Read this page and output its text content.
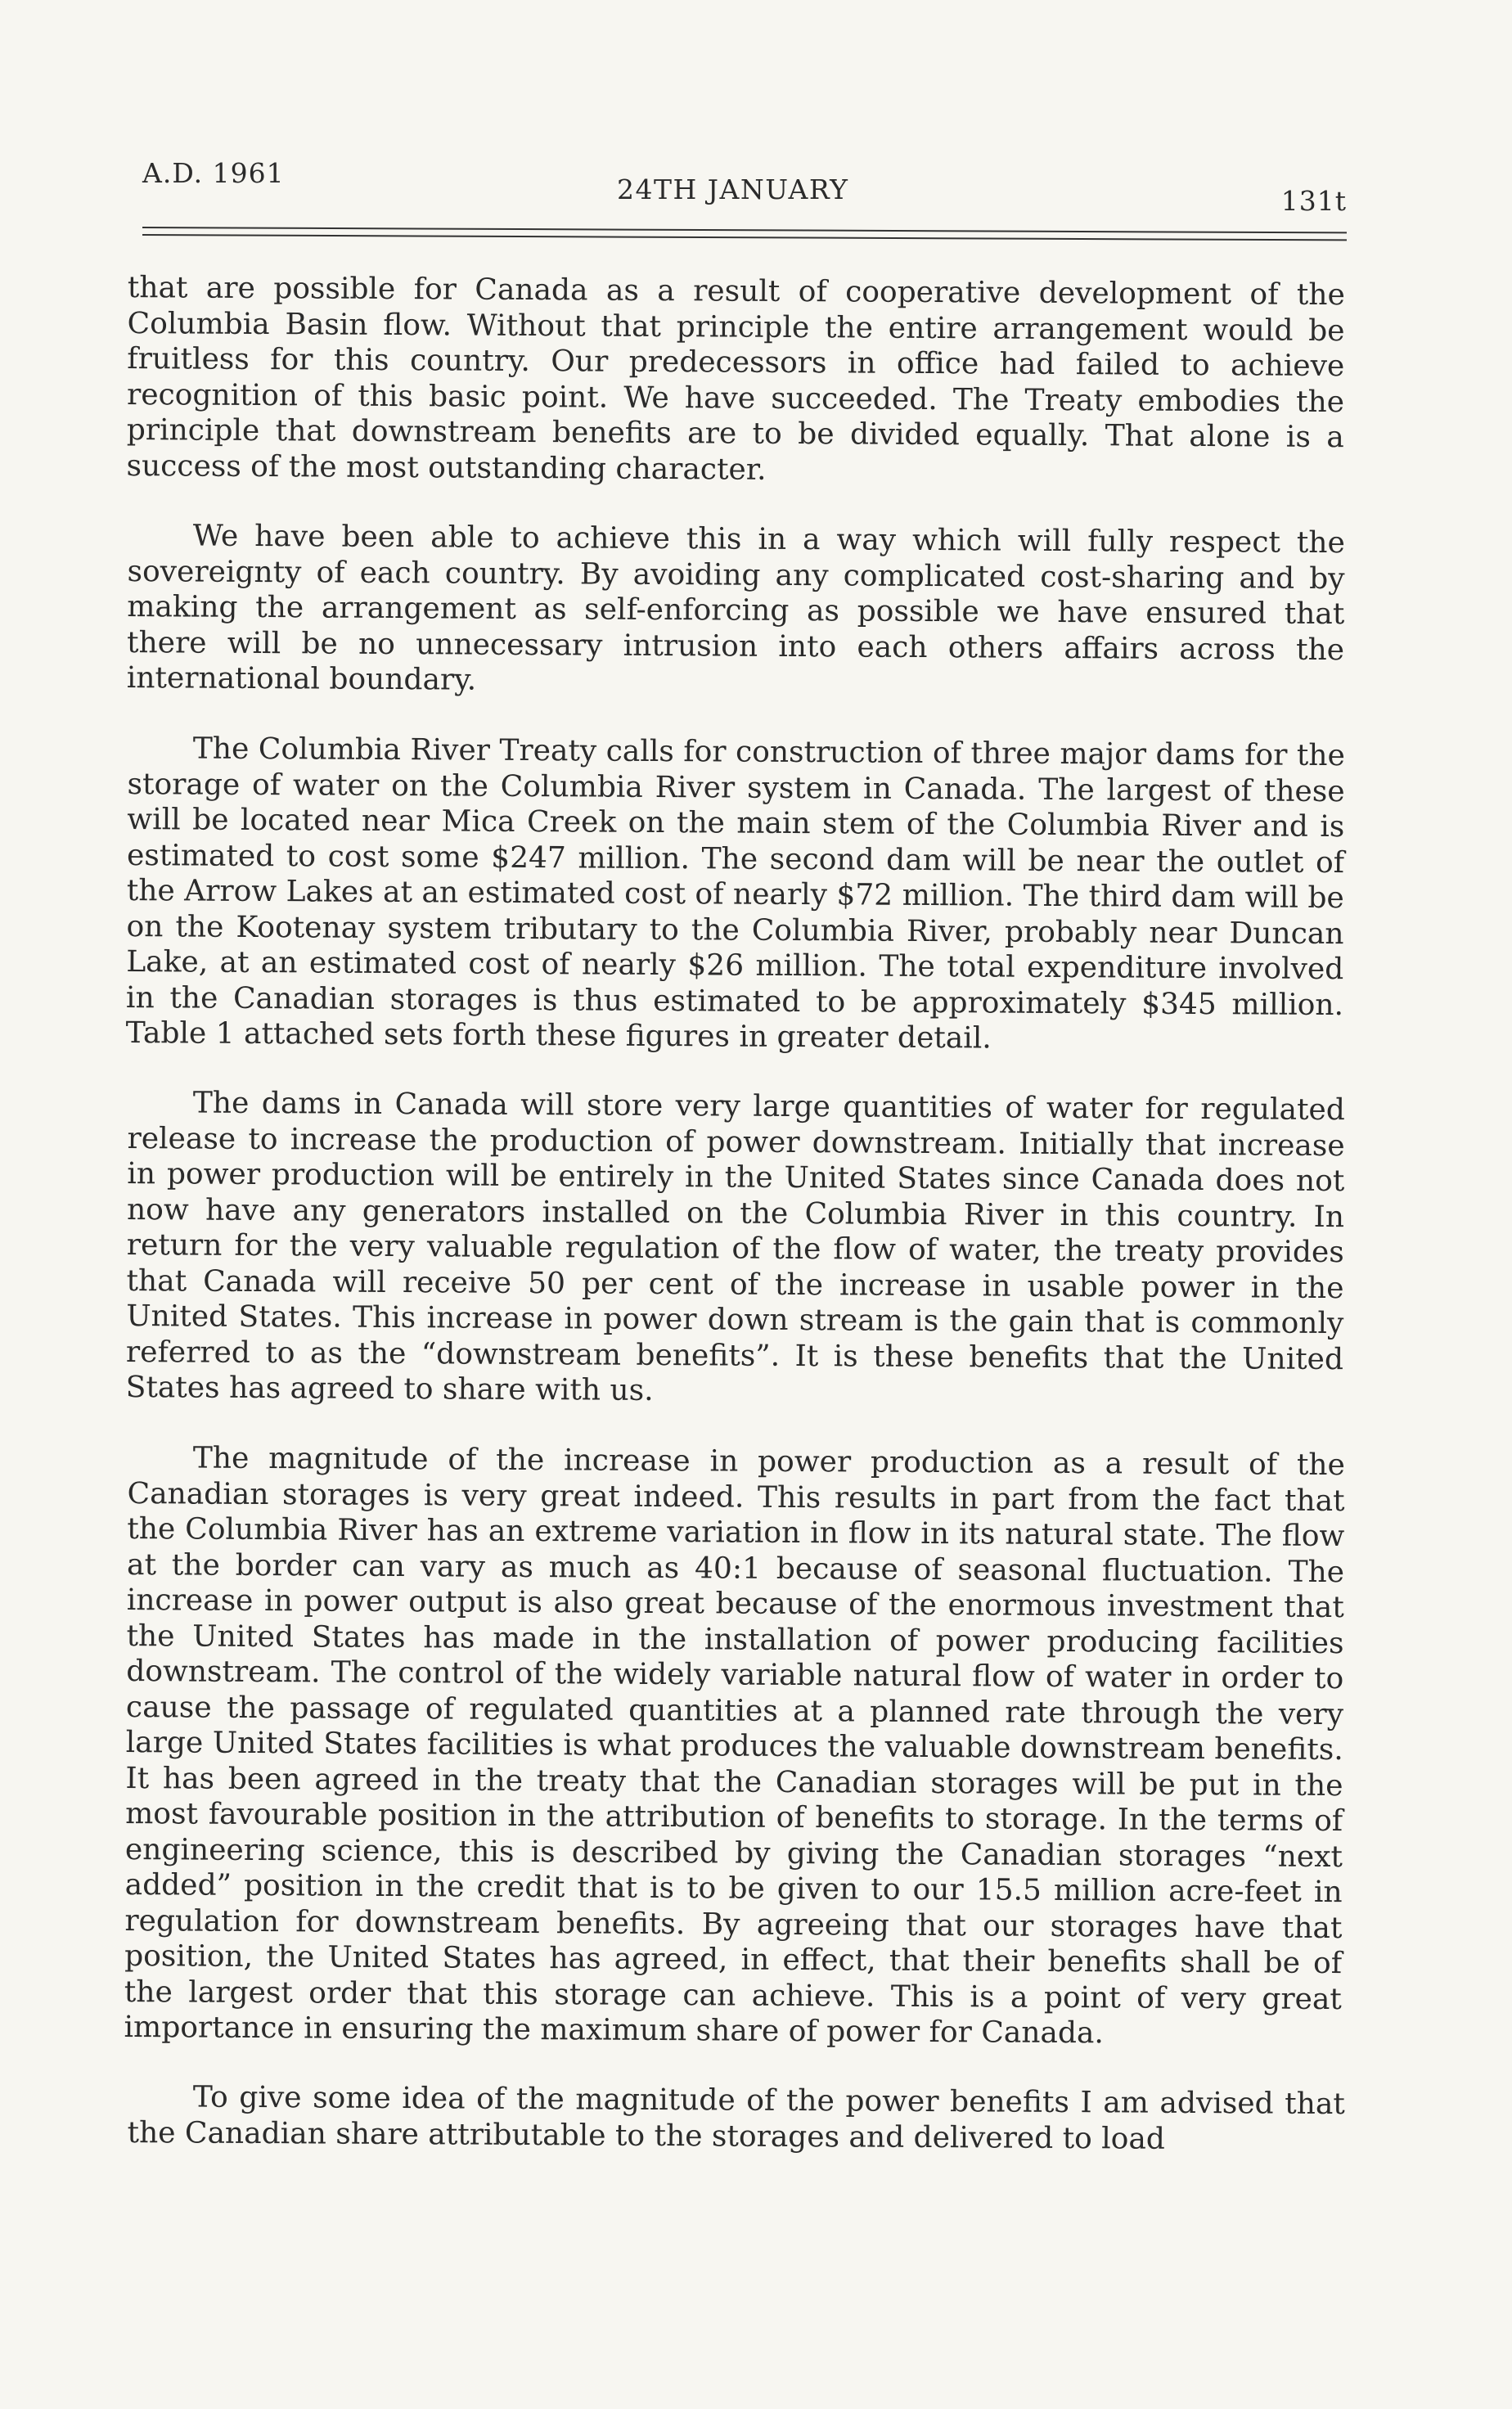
A.D. 1961
24TH JANUARY	131t

that are possible for Canada as a result of cooperative development of the Columbia Basin flow. Without that principle the entire arrangement would be fruitless for this country. Our predecessors in office had failed to achieve recognition of this basic point. We have succeeded. The Treaty embodies the principle that downstream benefits are to be divided equally. That alone is a success of the most outstanding character.

We have been able to achieve this in a way which will fully respect the sovereignty of each country. By avoiding any complicated cost-sharing and by making the arrangement as self-enforcing as possible we have ensured that there will be no unnecessary intrusion into each others affairs across the international boundary.

The Columbia River Treaty calls for construction of three major dams for the storage of water on the Columbia River system in Canada. The largest of these will be located near Mica Creek on the main stem of the Columbia River and is estimated to cost some $247 million. The second dam will be near the outlet of the Arrow Lakes at an estimated cost of nearly $72 million. The third dam will be on the Kootenay system tributary to the Columbia River, probably near Duncan Lake, at an estimated cost of nearly $26 million. The total expenditure involved in the Canadian storages is thus estimated to be approximately $345 million. Table 1 attached sets forth these figures in greater detail.

The dams in Canada will store very large quantities of water for regulated release to increase the production of power downstream. Initially that increase in power production will be entirely in the United States since Canada does not now have any generators installed on the Columbia River in this country. In return for the very valuable regulation of the flow of water, the treaty provides that Canada will receive 50 per cent of the increase in usable power in the United States. This increase in power down stream is the gain that is commonly referred to as the “downstream benefits”. It is these benefits that the United States has agreed to share with us.

The magnitude of the increase in power production as a result of the Canadian storages is very great indeed. This results in part from the fact that the Columbia River has an extreme variation in flow in its natural state. The flow at the border can vary as much as 40:1 because of seasonal fluctuation. The increase in power output is also great because of the enormous investment that the United States has made in the installation of power producing facilities downstream. The control of the widely variable natural flow of water in order to cause the passage of regulated quantities at a planned rate through the very large United States facilities is what produces the valuable downstream benefits. It has been agreed in the treaty that the Canadian storages will be put in the most favourable position in the attribution of benefits to storage. In the terms of engineering science, this is described by giving the Canadian storages “next added” position in the credit that is to be given to our 15.5 million acre-feet in regulation for downstream benefits. By agreeing that our storages have that position, the United States has agreed, in effect, that their benefits shall be of the largest order that this storage can achieve. This is a point of very great importance in ensuring the maximum share of power for Canada.

To give some idea of the magnitude of the power benefits I am advised that the Canadian share attributable to the storages and delivered to load
